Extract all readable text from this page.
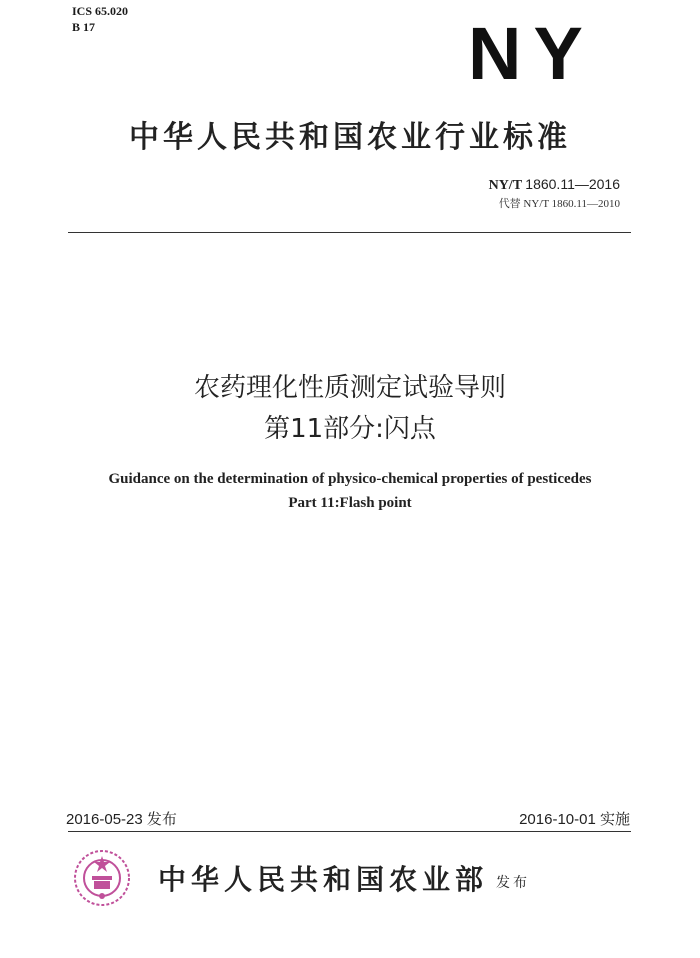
ICS 65.020
B 17	NY
中华人民共和国农业行业标准
NY/T 1860.11—2016
代替 NY/T 1860.11—2010
农药理化性质测定试验导则
第11部分:闪点
Guidance on the determination of physico-chemical properties of pesticedes
Part 11:Flash point
2016-05-23 发布	2016-10-01 实施
中华人民共和国农业部 发布
